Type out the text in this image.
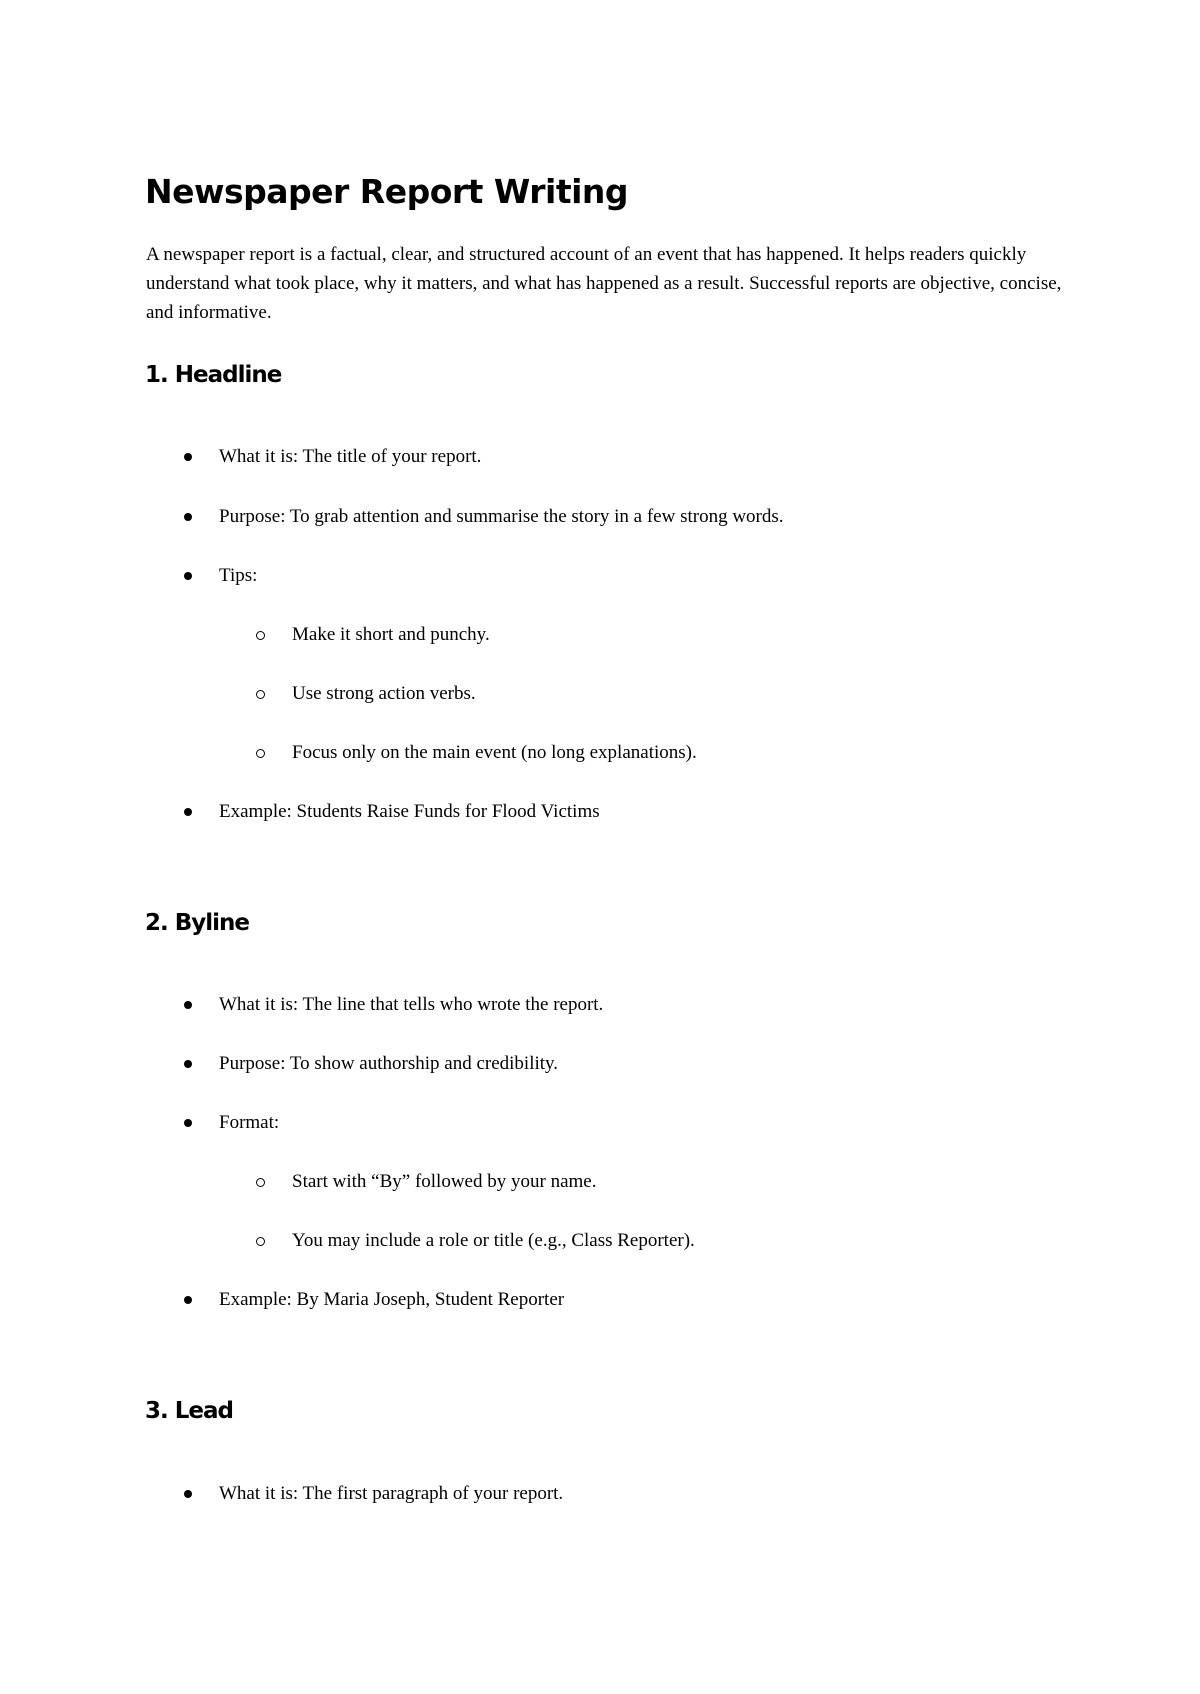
Newspaper Report Writing

A newspaper report is a factual, clear, and structured account of an event that has happened. It helps readers quickly understand what took place, why it matters, and what has happened as a result. Successful reports are objective, concise, and informative.

1. Headline
What it is: The title of your report.
Purpose: To grab attention and summarise the story in a few strong words.
Tips:
Make it short and punchy.
Use strong action verbs.
Focus only on the main event (no long explanations).
Example: Students Raise Funds for Flood Victims
2. Byline
What it is: The line that tells who wrote the report.
Purpose: To show authorship and credibility.
Format:
Start with “By” followed by your name.
You may include a role or title (e.g., Class Reporter).
Example: By Maria Joseph, Student Reporter
3. Lead
What it is: The first paragraph of your report.
